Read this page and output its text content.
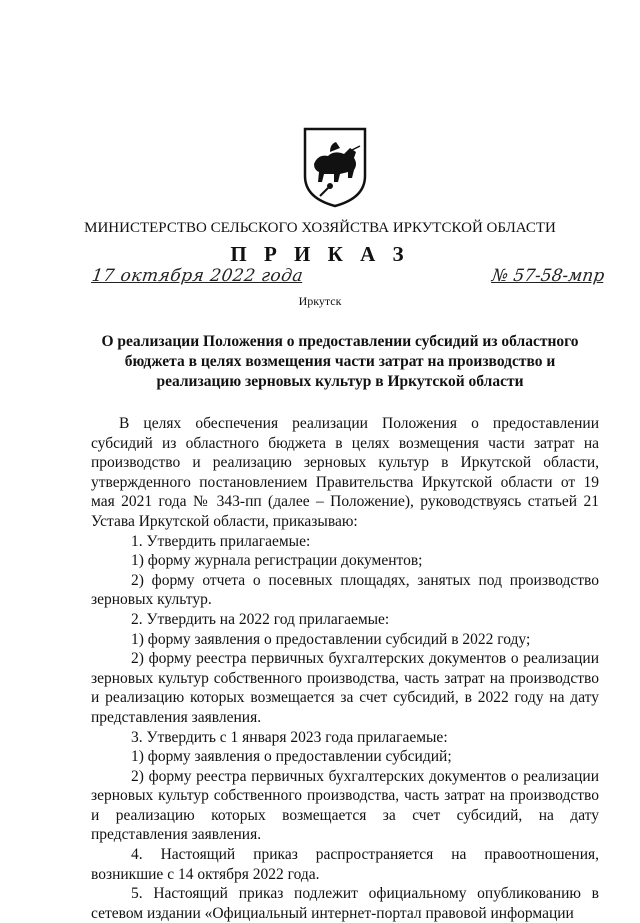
МИНИСТЕРСТВО СЕЛЬСКОГО ХОЗЯЙСТВА ИРКУТСКОЙ ОБЛАСТИ
П Р И К А З
17 октября 2022 года	№ 57-58-мпр
Иркутск
О реализации Положения о предоставлении субсидий из областного
бюджета в целях возмещения части затрат на производство и
реализацию зерновых культур в Иркутской области

В целях обеспечения реализации Положения о предоставлении субсидий из областного бюджета в целях возмещения части затрат на производство и реализацию зерновых культур в Иркутской области, утвержденного постановлением Правительства Иркутской области от 19 мая 2021 года № 343-пп (далее – Положение), руководствуясь статьей 21 Устава Иркутской области, приказываю:

1. Утвердить прилагаемые:

1) форму журнала регистрации документов;

2) форму отчета о посевных площадях, занятых под производство зерновых культур.

2. Утвердить на 2022 год прилагаемые:

1) форму заявления о предоставлении субсидий в 2022 году;

2) форму реестра первичных бухгалтерских документов о реализации зерновых культур собственного производства, часть затрат на производство и реализацию которых возмещается за счет субсидий, в 2022 году на дату представления заявления.

3. Утвердить с 1 января 2023 года прилагаемые:

1) форму заявления о предоставлении субсидий;

2) форму реестра первичных бухгалтерских документов о реализации зерновых культур собственного производства, часть затрат на производство и реализацию которых возмещается за счет субсидий, на дату представления заявления.

4. Настоящий приказ распространяется на правоотношения, возникшие с 14 октября 2022 года.

5. Настоящий приказ подлежит официальному опубликованию в сетевом издании «Официальный интернет-портал правовой информации
